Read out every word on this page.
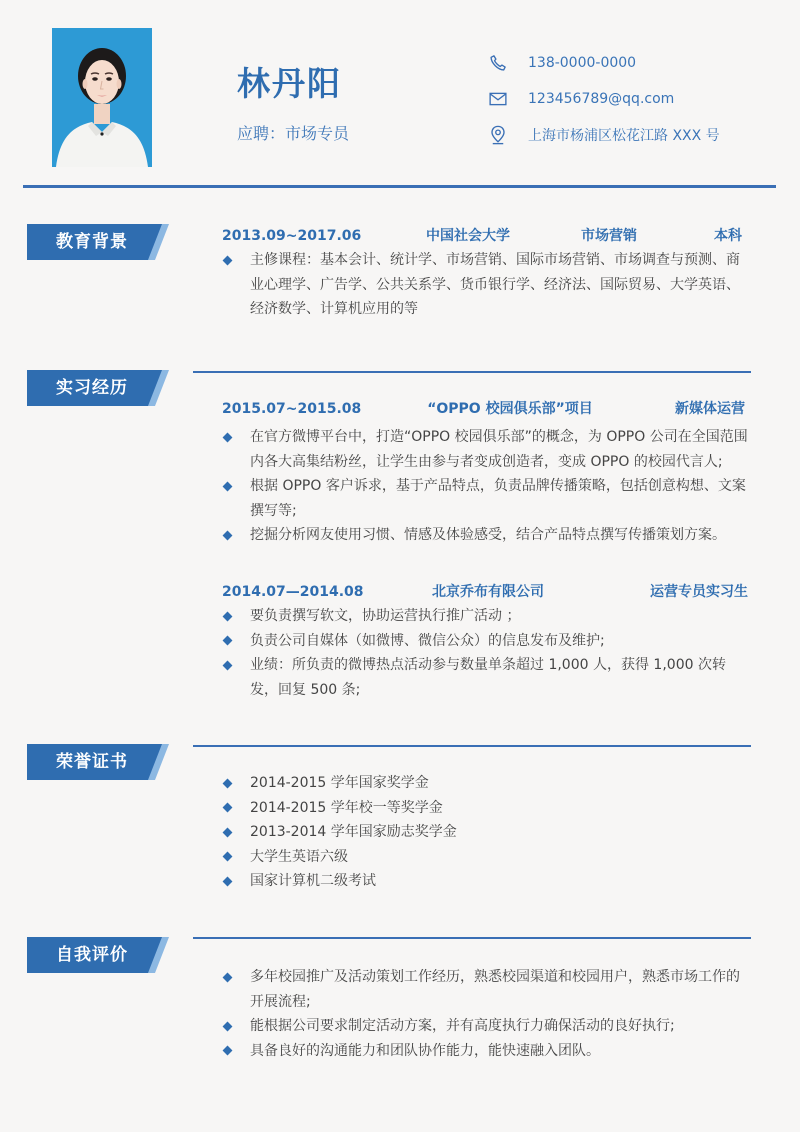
林丹阳
应聘：市场专员
138-0000-0000
123456789@qq.com
上海市杨浦区松花江路 XXX 号
教育背景	2013.09~2017.06	中国社会大学	市场营销	本科
主修课程：基本会计、统计学、市场营销、国际市场营销、市场调查与预测、商业心理学、广告学、公共关系学、货币银行学、经济法、国际贸易、大学英语、经济数学、计算机应用的等
实习经历
2015.07~2015.08	“OPPO 校园俱乐部”项目	新媒体运营
在官方微博平台中，打造“OPPO 校园俱乐部”的概念，为 OPPO 公司在全国范围内各大高集结粉丝，让学生由参与者变成创造者，变成 OPPO 的校园代言人;
根据 OPPO 客户诉求，基于产品特点，负责品牌传播策略，包括创意构想、文案撰写等;
挖掘分析网友使用习惯、情感及体验感受，结合产品特点撰写传播策划方案。
2014.07—2014.08	北京乔布有限公司	运营专员实习生
要负责撰写软文，协助运营执行推广活动 ；
负责公司自媒体（如微博、微信公众）的信息发布及维护;
业绩：所负责的微博热点活动参与数量单条超过 1,000 人，获得 1,000 次转发，回复 500 条;
荣誉证书
2014-2015 学年国家奖学金
2014-2015 学年校一等奖学金
2013-2014 学年国家励志奖学金
大学生英语六级
国家计算机二级考试
自我评价
多年校园推广及活动策划工作经历，熟悉校园渠道和校园用户，熟悉市场工作的开展流程;
能根据公司要求制定活动方案，并有高度执行力确保活动的良好执行;
具备良好的沟通能力和团队协作能力，能快速融入团队。
